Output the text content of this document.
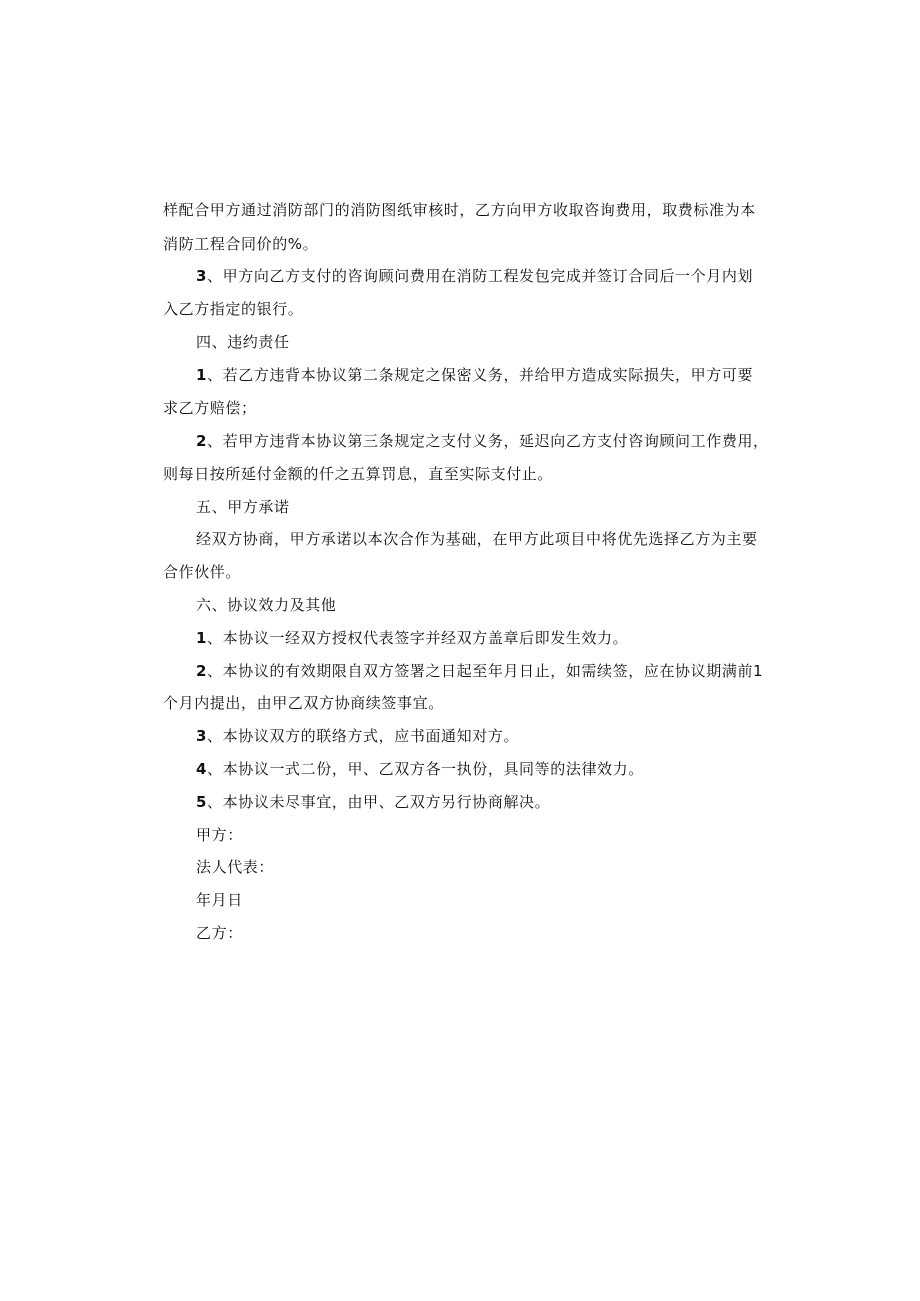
样配合甲方通过消防部门的消防图纸审核时，乙方向甲方收取咨询费用，取费标准为本
消防工程合同价的%。
3、甲方向乙方支付的咨询顾问费用在消防工程发包完成并签订合同后一个月内划
入乙方指定的银行。
四、违约责任
1、若乙方违背本协议第二条规定之保密义务，并给甲方造成实际损失，甲方可要
求乙方赔偿；
2、若甲方违背本协议第三条规定之支付义务，延迟向乙方支付咨询顾问工作费用，
则每日按所延付金额的仟之五算罚息，直至实际支付止。
五、甲方承诺
经双方协商，甲方承诺以本次合作为基础，在甲方此项目中将优先选择乙方为主要
合作伙伴。
六、协议效力及其他
1、本协议一经双方授权代表签字并经双方盖章后即发生效力。
2、本协议的有效期限自双方签署之日起至年月日止，如需续签，应在协议期满前1
个月内提出，由甲乙双方协商续签事宜。
3、本协议双方的联络方式，应书面通知对方。
4、本协议一式二份，甲、乙双方各一执份，具同等的法律效力。
5、本协议未尽事宜，由甲、乙双方另行协商解决。
甲方：
法人代表：
年月日
乙方：
